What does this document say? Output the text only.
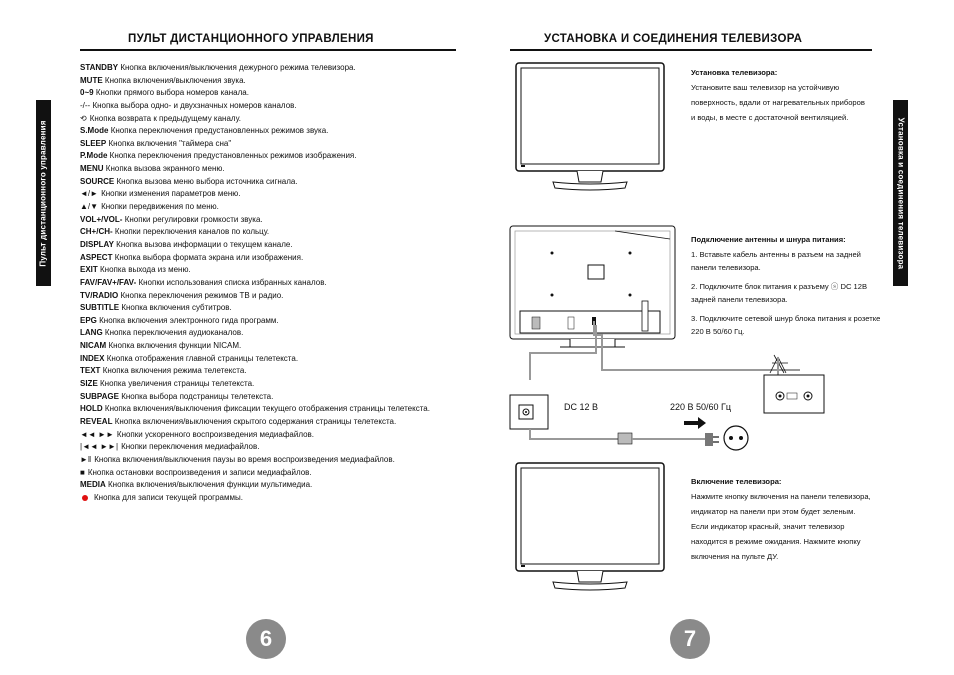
ПУЛЬТ ДИСТАНЦИОННОГО УПРАВЛЕНИЯ
Пульт дистанционного управления
STANDBY Кнопка включения/выключения дежурного режима телевизора.
MUTE Кнопка включения/выключения звука.
0~9 Кнопки прямого выбора номеров канала.
-/-- Кнопка выбора одно- и двухзначных номеров каналов.
⟲ Кнопка возврата к предыдущему каналу.
S.Mode Кнопка переключения предустановленных режимов звука.
SLEEP Кнопка включения "таймера сна"
P.Mode Кнопка переключения предустановленных режимов изображения.
MENU Кнопка вызова экранного меню.
SOURCE Кнопка вызова меню выбора источника сигнала.
◄/► Кнопки изменения параметров меню.
▲/▼ Кнопки передвижения по меню.
VOL+/VOL- Кнопки регулировки громкости звука.
CH+/CH- Кнопки переключения каналов по кольцу.
DISPLAY Кнопка вызова информации о текущем канале.
ASPECT Кнопка выбора формата экрана или изображения.
EXIT Кнопка выхода из меню.
FAV/FAV+/FAV- Кнопки использования списка избранных каналов.
TV/RADIO Кнопка переключения режимов ТВ и радио.
SUBTITLE Кнопка включения субтитров.
EPG Кнопка включения электронного гида программ.
LANG Кнопка переключения аудиоканалов.
NICAM Кнопка включения функции NICAM.
INDEX Кнопка отображения главной страницы телетекста.
TEXT Кнопка включения режима телетекста.
SIZE Кнопка увеличения страницы телетекста.
SUBPAGE Кнопка выбора подстраницы телетекста.
HOLD Кнопка включения/выключения фиксации текущего отображения страницы телетекста.
REVEAL Кнопка включения/выключения скрытого содержания страницы телетекста.
◄◄ ►► Кнопки ускоренного воспроизведения медиафайлов.
|◄◄ ►►| Кнопки переключения медиафайлов.
►‖ Кнопка включения/выключения паузы во время воспроизведения медиафайлов.
■ Кнопка остановки воспроизведения и записи медиафайлов.
MEDIA Кнопка включения/выключения функции мультимедиа.
Кнопка для записи текущей программы.
6
УСТАНОВКА И СОЕДИНЕНИЯ ТЕЛЕВИЗОРА
Установка и соединения телевизора
Установка телевизора:
Установите ваш телевизор на устойчивую
поверхность, вдали от нагревательных приборов
и воды, в месте с достаточной вентиляцией.
DC 12 В	220 В 50/60 Гц
Подключение антенны и шнура питания:
1. Вставьте кабель антенны в разъем на задней
панели телевизора.
2. Подключите блок питания к разъему ⓢ DC 12В
задней панели телевизора.
3. Подключите сетевой шнур блока питания к розетке
220 В 50/60 Гц.
Включение телевизора:
Нажмите кнопку включения на панели телевизора,
индикатор на панели при этом будет зеленым.
Если индикатор красный, значит телевизор
находится в режиме ожидания. Нажмите кнопку
включения на пульте ДУ.
7
